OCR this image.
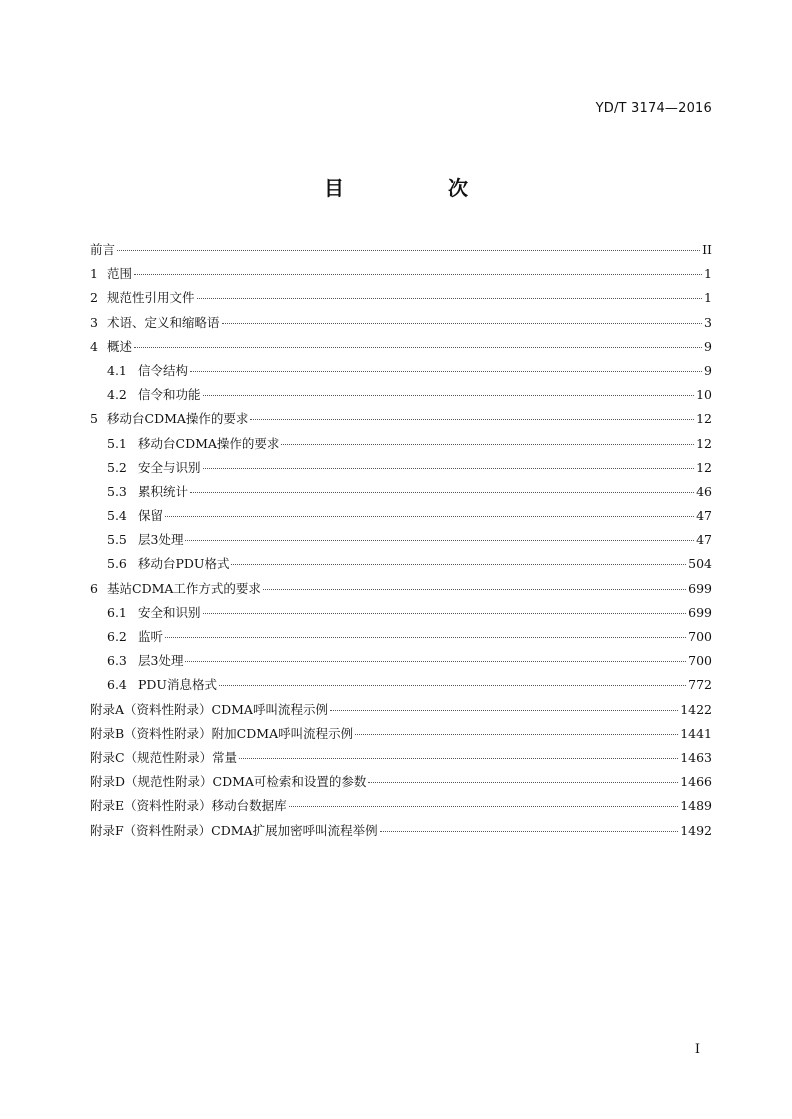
YD/T 3174—2016
目　次
前言	II
1 范围	1
2 规范性引用文件	1
3 术语、定义和缩略语	3
4 概述	9
4.1 信令结构	9
4.2 信令和功能	10
5 移动台CDMA操作的要求	12
5.1 移动台CDMA操作的要求	12
5.2 安全与识别	12
5.3 累积统计	46
5.4 保留	47
5.5 层3处理	47
5.6 移动台PDU格式	504
6 基站CDMA工作方式的要求	699
6.1 安全和识别	699
6.2 监听	700
6.3 层3处理	700
6.4 PDU消息格式	772
附录A（资料性附录）CDMA呼叫流程示例	1422
附录B（资料性附录）附加CDMA呼叫流程示例	1441
附录C（规范性附录）常量	1463
附录D（规范性附录）CDMA可检索和设置的参数	1466
附录E（资料性附录）移动台数据库	1489
附录F（资料性附录）CDMA扩展加密呼叫流程举例	1492
I
